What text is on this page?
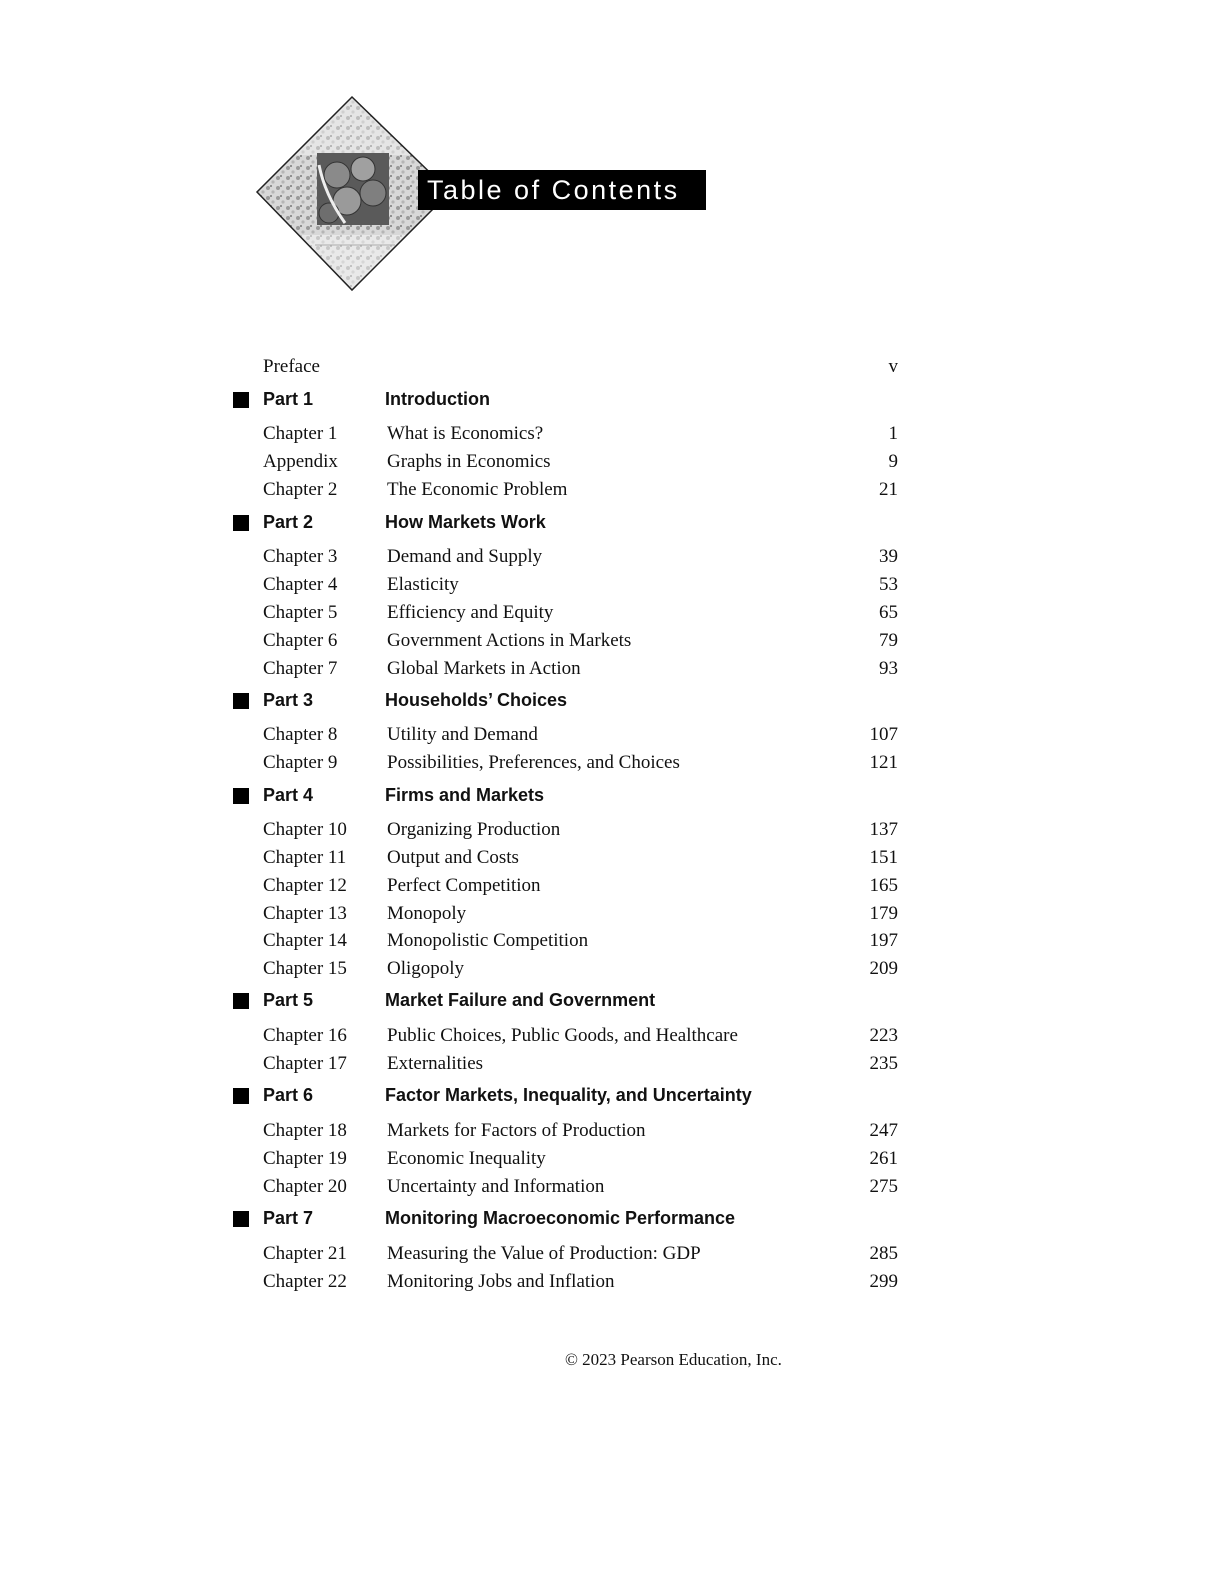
Table of Contents
Preface	v
Part 1	Introduction
Chapter 1	What is Economics?	1
Appendix	Graphs in Economics	9
Chapter 2	The Economic Problem	21
Part 2	How Markets Work
Chapter 3	Demand and Supply	39
Chapter 4	Elasticity	53
Chapter 5	Efficiency and Equity	65
Chapter 6	Government Actions in Markets	79
Chapter 7	Global Markets in Action	93
Part 3	Households’ Choices
Chapter 8	Utility and Demand	107
Chapter 9	Possibilities, Preferences, and Choices	121
Part 4	Firms and Markets
Chapter 10 Organizing Production	137
Chapter 11 Output and Costs	151
Chapter 12 Perfect Competition	165
Chapter 13 Monopoly	179
Chapter 14 Monopolistic Competition	197
Chapter 15 Oligopoly	209
Part 5	Market Failure and Government
Chapter 16 Public Choices, Public Goods, and Healthcare	223
Chapter 17 Externalities	235
Part 6	Factor Markets, Inequality, and Uncertainty
Chapter 18 Markets for Factors of Production	247
Chapter 19 Economic Inequality	261
Chapter 20 Uncertainty and Information	275
Part 7	Monitoring Macroeconomic Performance
Chapter 21 Measuring the Value of Production: GDP	285
Chapter 22 Monitoring Jobs and Inflation	299
© 2023 Pearson Education, Inc.
